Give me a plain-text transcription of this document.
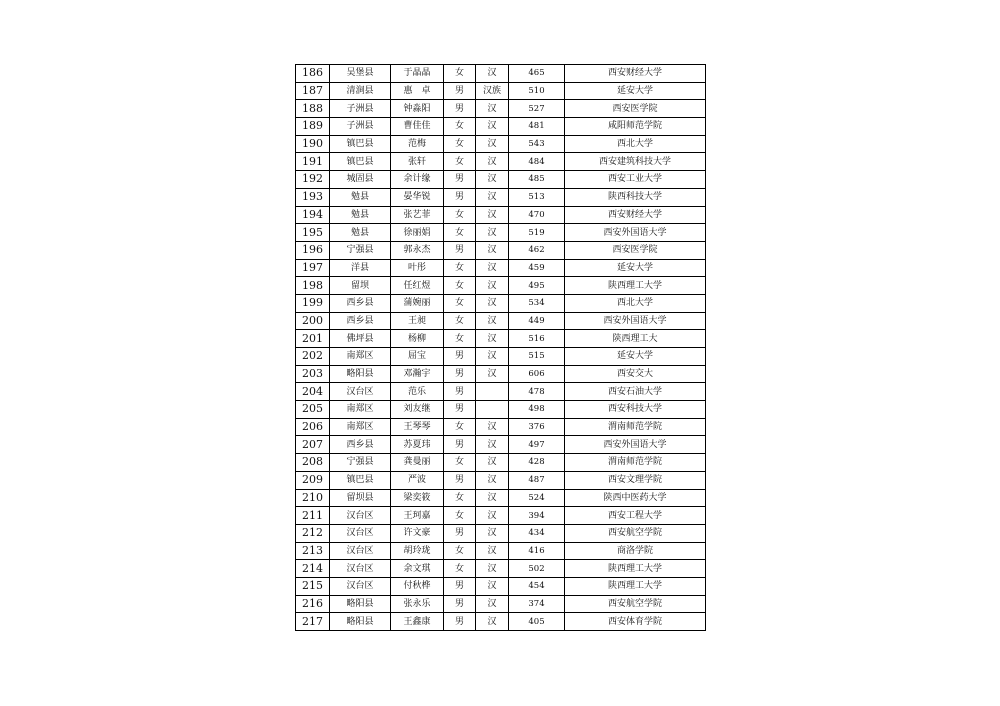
186	吴堡县	于晶晶	女	汉	465	西安财经大学
187	清涧县	惠　卓	男	汉族	510	延安大学
188	子洲县	钟淼阳	男	汉	527	西安医学院
189	子洲县	曹佳佳	女	汉	481	咸阳师范学院
190	镇巴县	范梅	女	汉	543	西北大学
191	镇巴县	张轩	女	汉	484	西安建筑科技大学
192	城固县	余计缘	男	汉	485	西安工业大学
193	勉县	晏华锐	男	汉	513	陕西科技大学
194	勉县	张艺菲	女	汉	470	西安财经大学
195	勉县	徐丽娟	女	汉	519	西安外国语大学
196	宁强县	郭永杰	男	汉	462	西安医学院
197	洋县	叶彤	女	汉	459	延安大学
198	留坝	任红煜	女	汉	495	陕西理工大学
199	西乡县	蒲婉丽	女	汉	534	西北大学
200	西乡县	王昶	女	汉	449	西安外国语大学
201	佛坪县	杨柳	女	汉	516	陕西理工大
202	南郑区	屈宝	男	汉	515	延安大学
203	略阳县	邓瀚宇	男	汉	606	西安交大
204	汉台区	范乐	男		478	西安石油大学
205	南郑区	刘友继	男		498	西安科技大学
206	南郑区	王琴琴	女	汉	376	渭南师范学院
207	西乡县	苏夏玮	男	汉	497	西安外国语大学
208	宁强县	龚曼丽	女	汉	428	渭南师范学院
209	镇巴县	严波	男	汉	487	西安文理学院
210	留坝县	梁奕筱	女	汉	524	陕西中医药大学
211	汉台区	王珂嘉	女	汉	394	西安工程大学
212	汉台区	许文豪	男	汉	434	西安航空学院
213	汉台区	胡玲珑	女	汉	416	商洛学院
214	汉台区	余文琪	女	汉	502	陕西理工大学
215	汉台区	付秋桦	男	汉	454	陕西理工大学
216	略阳县	张永乐	男	汉	374	西安航空学院
217	略阳县	王鑫康	男	汉	405	西安体育学院
